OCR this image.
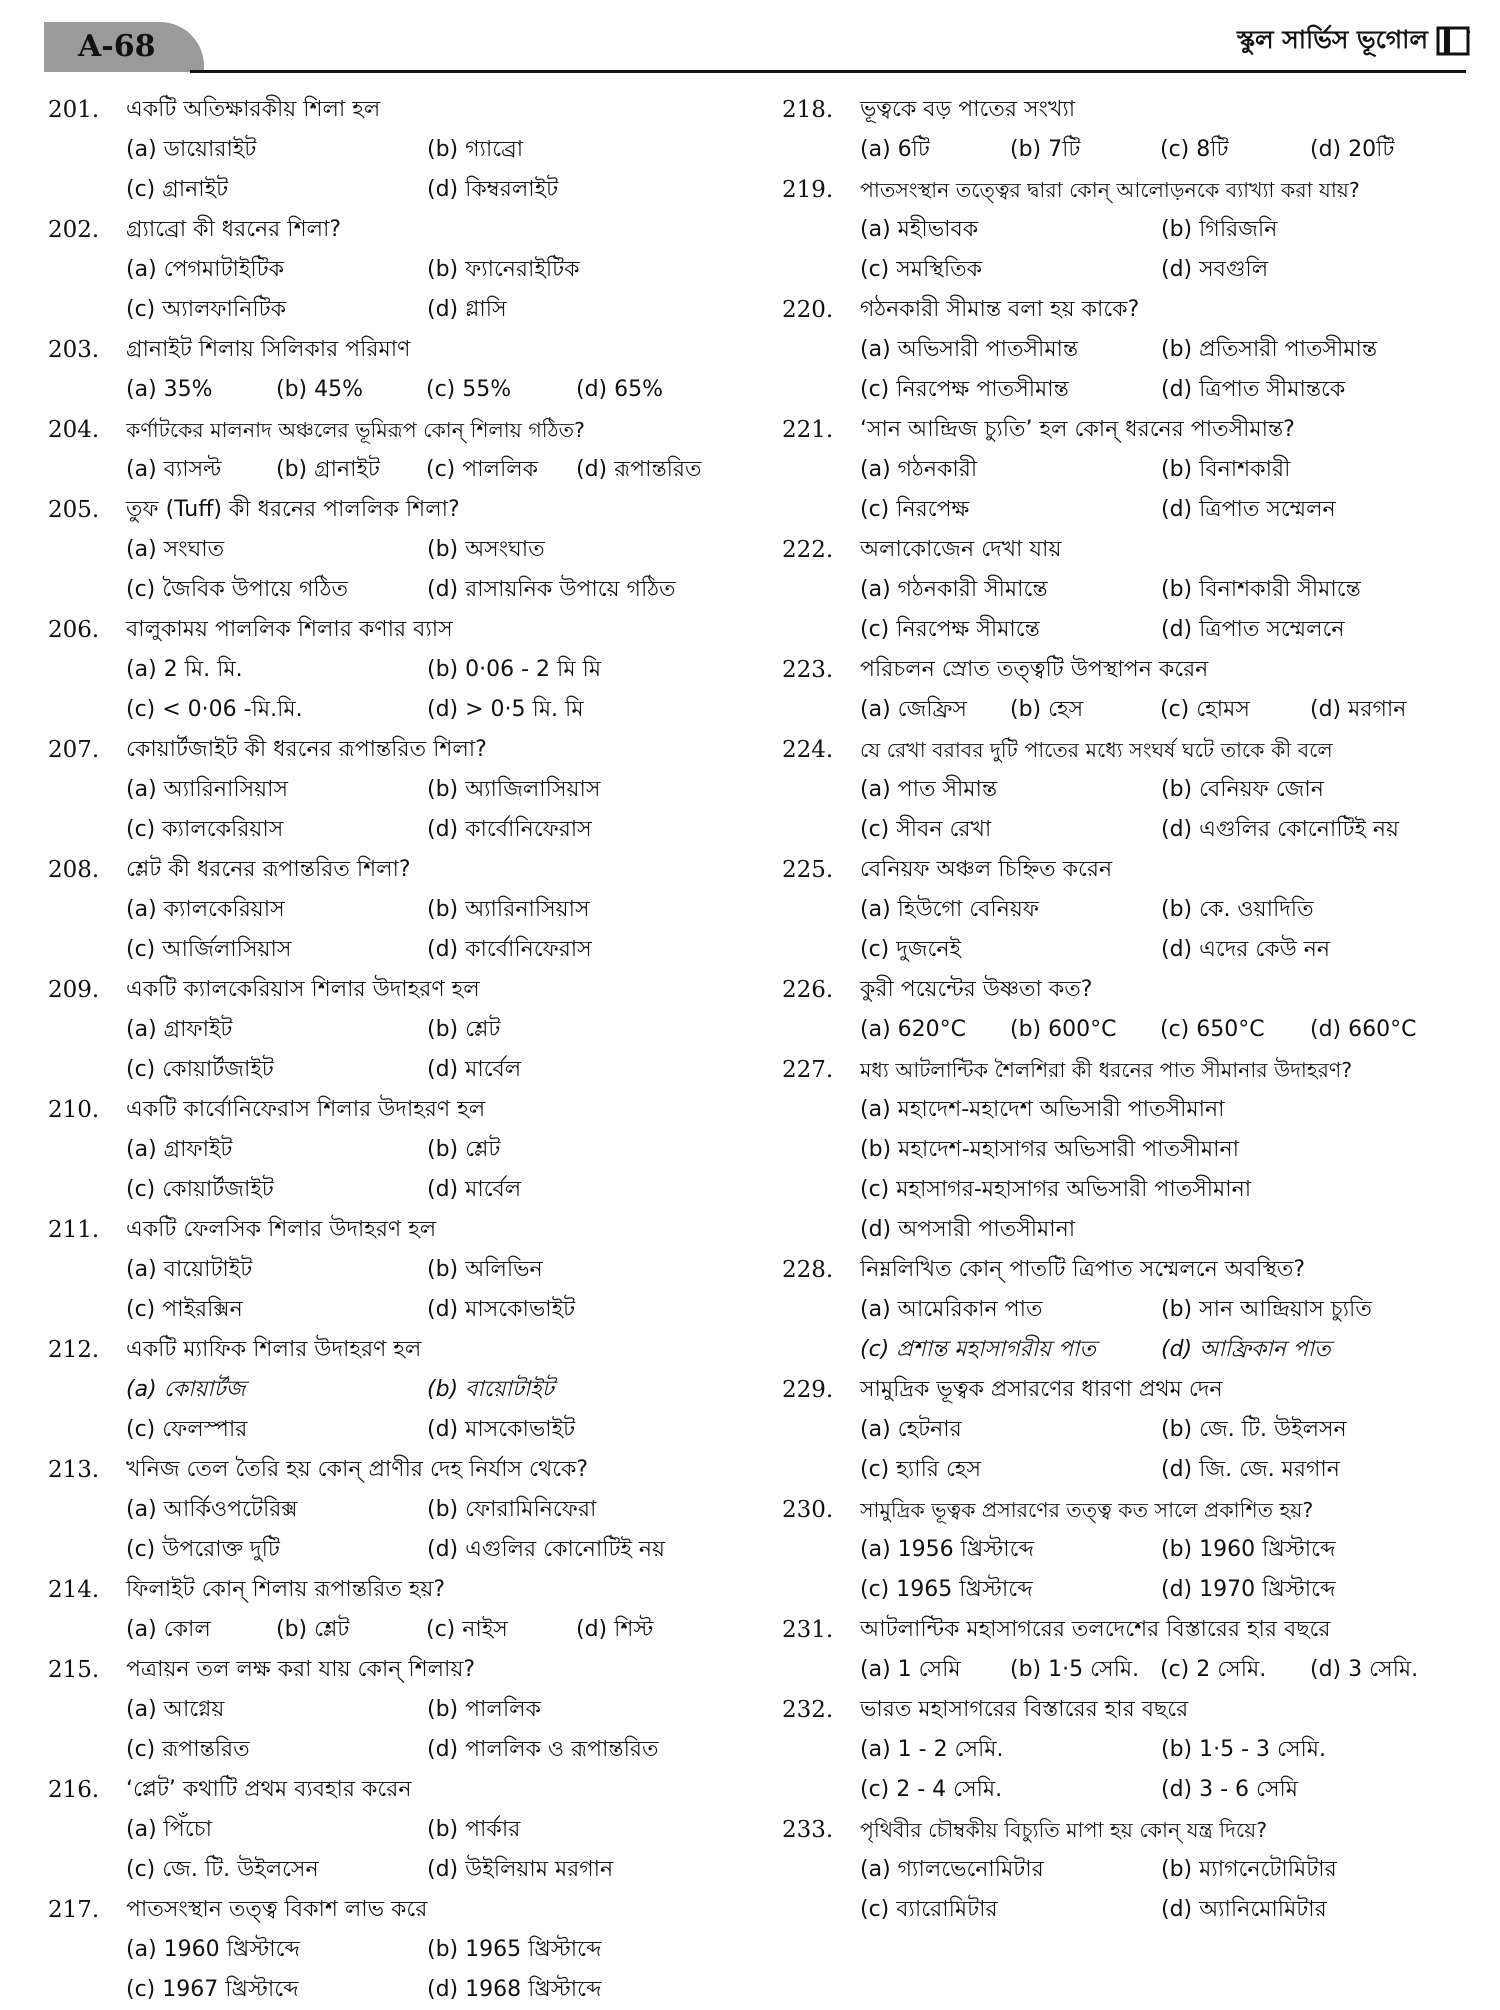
A-68	স্কুল সার্ভিস ভূগোল
201.	একটি অতিক্ষারকীয় শিলা হল
(a) ডায়োরাইট	(b) গ্যাব্রো
(c) গ্রানাইট	(d) কিম্বরলাইট
202.	গ্র্যাব্রো কী ধরনের শিলা?
(a) পেগমাটাইটিক	(b) ফ্যানেরাইটিক
(c) অ্যালফানিটিক	(d) গ্লাসি
203.	গ্রানাইট শিলায় সিলিকার পরিমাণ
(a) 35%	(b) 45%	(c) 55%	(d) 65%
204.	কর্ণাটকের মালনাদ অঞ্চলের ভূমিরূপ কোন্ শিলায় গঠিত?
(a) ব্যাসল্ট	(b) গ্রানাইট	(c) পাললিক	(d) রূপান্তরিত
205.	তুফ (Tuff) কী ধরনের পাললিক শিলা?
(a) সংঘাত	(b) অসংঘাত
(c) জৈবিক উপায়ে গঠিত	(d) রাসায়নিক উপায়ে গঠিত
206.	বালুকাময় পাললিক শিলার কণার ব্যাস
(a) 2 মি. মি.	(b) 0·06 - 2 মি মি
(c) < 0·06 -মি.মি.	(d) > 0·5 মি. মি
207.	কোয়ার্টজাইট কী ধরনের রূপান্তরিত শিলা?
(a) অ্যারিনাসিয়াস	(b) অ্যাজিলাসিয়াস
(c) ক্যালকেরিয়াস	(d) কার্বোনিফেরাস
208.	শ্লেট কী ধরনের রূপান্তরিত শিলা?
(a) ক্যালকেরিয়াস	(b) অ্যারিনাসিয়াস
(c) আর্জিলাসিয়াস	(d) কার্বোনিফেরাস
209.	একটি ক্যালকেরিয়াস শিলার উদাহরণ হল
(a) গ্রাফাইট	(b) শ্লেট
(c) কোয়ার্টজাইট	(d) মার্বেল
210.	একটি কার্বোনিফেরাস শিলার উদাহরণ হল
(a) গ্রাফাইট	(b) শ্লেট
(c) কোয়ার্টজাইট	(d) মার্বেল
211.	একটি ফেলসিক শিলার উদাহরণ হল
(a) বায়োটাইট	(b) অলিভিন
(c) পাইরক্সিন	(d) মাসকোভাইট
212.	একটি ম্যাফিক শিলার উদাহরণ হল
(a) কোয়ার্টজ	(b) বায়োটাইট
(c) ফেলস্পার	(d) মাসকোভাইট
213.	খনিজ তেল তৈরি হয় কোন্ প্রাণীর দেহ নির্যাস থেকে?
(a) আর্কিওপটেরিক্স	(b) ফোরামিনিফেরা
(c) উপরোক্ত দুটি	(d) এগুলির কোনোটিই নয়
214.	ফিলাইট কোন্ শিলায় রূপান্তরিত হয়?
(a) কোল	(b) শ্লেট	(c) নাইস	(d) শিস্ট
215.	পত্রায়ন তল লক্ষ করা যায় কোন্ শিলায়?
(a) আগ্নেয়	(b) পাললিক
(c) রূপান্তরিত	(d) পাললিক ও রূপান্তরিত
216.	‘প্লেট’ কথাটি প্রথম ব্যবহার করেন
(a) পিঁচো	(b) পার্কার
(c) জে. টি. উইলসেন	(d) উইলিয়াম মরগান
217.	পাতসংস্থান তত্ত্ব বিকাশ লাভ করে
(a) 1960 খ্রিস্টাব্দে	(b) 1965 খ্রিস্টাব্দে
(c) 1967 খ্রিস্টাব্দে	(d) 1968 খ্রিস্টাব্দে
218.	ভূত্বকে বড় পাতের সংখ্যা
(a) 6টি	(b) 7টি	(c) 8টি	(d) 20টি
219.	পাতসংস্থান তত্ত্বের দ্বারা কোন্ আলোড়নকে ব্যাখ্যা করা যায়?
(a) মহীভাবক	(b) গিরিজনি
(c) সমস্থিতিক	(d) সবগুলি
220.	গঠনকারী সীমান্ত বলা হয় কাকে?
(a) অভিসারী পাতসীমান্ত	(b) প্রতিসারী পাতসীমান্ত
(c) নিরপেক্ষ পাতসীমান্ত	(d) ত্রিপাত সীমান্তকে
221.	‘সান আন্দ্রিজ চ্যুতি’ হল কোন্ ধরনের পাতসীমান্ত?
(a) গঠনকারী	(b) বিনাশকারী
(c) নিরপেক্ষ	(d) ত্রিপাত সম্মেলন
222.	অলাকোজেন দেখা যায়
(a) গঠনকারী সীমান্তে	(b) বিনাশকারী সীমান্তে
(c) নিরপেক্ষ সীমান্তে	(d) ত্রিপাত সম্মেলনে
223.	পরিচলন স্রোত তত্ত্বটি উপস্থাপন করেন
(a) জেফ্রিস	(b) হেস	(c) হোমস	(d) মরগান
224.	যে রেখা বরাবর দুটি পাতের মধ্যে সংঘর্ষ ঘটে তাকে কী বলে
(a) পাত সীমান্ত	(b) বেনিয়ফ জোন
(c) সীবন রেখা	(d) এগুলির কোনোটিই নয়
225.	বেনিয়ফ অঞ্চল চিহ্নিত করেন
(a) হিউগো বেনিয়ফ	(b) কে. ওয়াদিতি
(c) দুজনেই	(d) এদের কেউ নন
226.	কুরী পয়েন্টের উষ্ণতা কত?
(a) 620°C	(b) 600°C	(c) 650°C	(d) 660°C
227.	মধ্য আটলান্টিক শৈলশিরা কী ধরনের পাত সীমানার উদাহরণ?
(a) মহাদেশ-মহাদেশ অভিসারী পাতসীমানা
(b) মহাদেশ-মহাসাগর অভিসারী পাতসীমানা
(c) মহাসাগর-মহাসাগর অভিসারী পাতসীমানা
(d) অপসারী পাতসীমানা
228.	নিম্নলিখিত কোন্ পাতটি ত্রিপাত সম্মেলনে অবস্থিত?
(a) আমেরিকান পাত	(b) সান আন্দ্রিয়াস চ্যুতি
(c) প্রশান্ত মহাসাগরীয় পাত	(d) আফ্রিকান পাত
229.	সামুদ্রিক ভূত্বক প্রসারণের ধারণা প্রথম দেন
(a) হেটনার	(b) জে. টি. উইলসন
(c) হ্যারি হেস	(d) জি. জে. মরগান
230.	সামুদ্রিক ভূত্বক প্রসারণের তত্ত্ব কত সালে প্রকাশিত হয়?
(a) 1956 খ্রিস্টাব্দে	(b) 1960 খ্রিস্টাব্দে
(c) 1965 খ্রিস্টাব্দে	(d) 1970 খ্রিস্টাব্দে
231.	আটলান্টিক মহাসাগরের তলদেশের বিস্তারের হার বছরে
(a) 1 সেমি	(b) 1·5 সেমি. (c) 2 সেমি.	(d) 3 সেমি.
232.	ভারত মহাসাগরের বিস্তারের হার বছরে
(a) 1 - 2 সেমি.	(b) 1·5 - 3 সেমি.
(c) 2 - 4 সেমি.	(d) 3 - 6 সেমি
233.	পৃথিবীর চৌম্বকীয় বিচ্যুতি মাপা হয় কোন্ যন্ত্র দিয়ে?
(a) গ্যালভেনোমিটার	(b) ম্যাগনেটোমিটার
(c) ব্যারোমিটার	(d) অ্যানিমোমিটার
